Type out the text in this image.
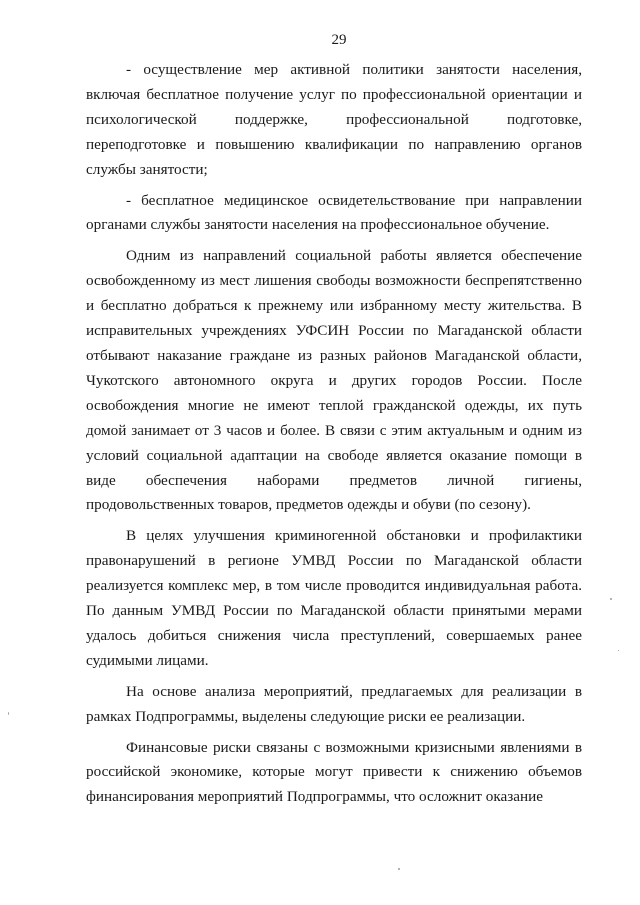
29

- осуществление мер активной политики занятости населения, включая бесплатное получение услуг по профессиональной ориентации и психологической поддержке, профессиональной подготовке, переподготовке и повышению квалификации по направлению органов службы занятости;

- бесплатное медицинское освидетельствование при направлении органами службы занятости населения на профессиональное обучение.

Одним из направлений социальной работы является обеспечение освобожденному из мест лишения свободы возможности беспрепятственно и бесплатно добраться к прежнему или избранному месту жительства. В исправительных учреждениях УФСИН России по Магаданской области отбывают наказание граждане из разных районов Магаданской области, Чукотского автономного округа и других городов России. После освобождения многие не имеют теплой гражданской одежды, их путь домой занимает от 3 часов и более. В связи с этим актуальным и одним из условий социальной адаптации на свободе является оказание помощи в виде обеспечения наборами предметов личной гигиены, продовольственных товаров, предметов одежды и обуви (по сезону).

В целях улучшения криминогенной обстановки и профилактики правонарушений в регионе УМВД России по Магаданской области реализуется комплекс мер, в том числе проводится индивидуальная работа. По данным УМВД России по Магаданской области принятыми мерами удалось добиться снижения числа преступлений, совершаемых ранее судимыми лицами.

На основе анализа мероприятий, предлагаемых для реализации в рамках Подпрограммы, выделены следующие риски ее реализации.

Финансовые риски связаны с возможными кризисными явлениями в российской экономике, которые могут привести к снижению объемов финансирования мероприятий Подпрограммы, что осложнит оказание
